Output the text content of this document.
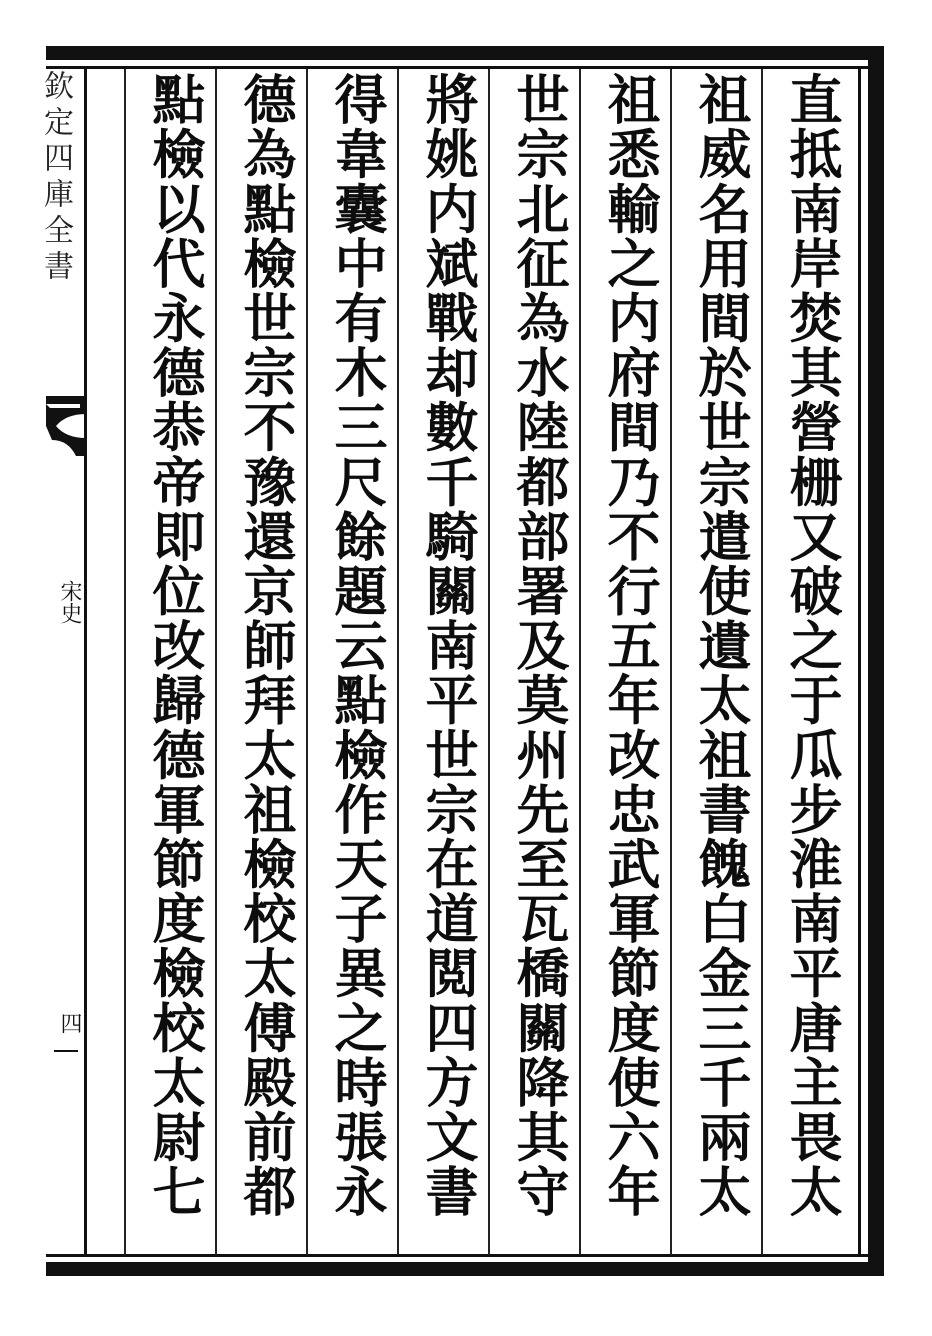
欽定四庫全書
宋史
四	直抵南岸焚其營栅又破之于瓜步淮南平唐主畏太
祖威名用間於世宗遣使遺太祖書餽白金三千兩太
祖悉輸之内府間乃不行五年改忠武軍節度使六年
世宗北征為水陸都部署及莫州先至瓦橋關降其守
將姚内斌戰却數千騎關南平世宗在道閲四方文書
得韋囊中有木三尺餘題云點檢作天子異之時張永
德為點檢世宗不豫還京師拜太祖檢校太傅殿前都
點檢以代永德恭帝即位改歸德軍節度檢校太尉七
